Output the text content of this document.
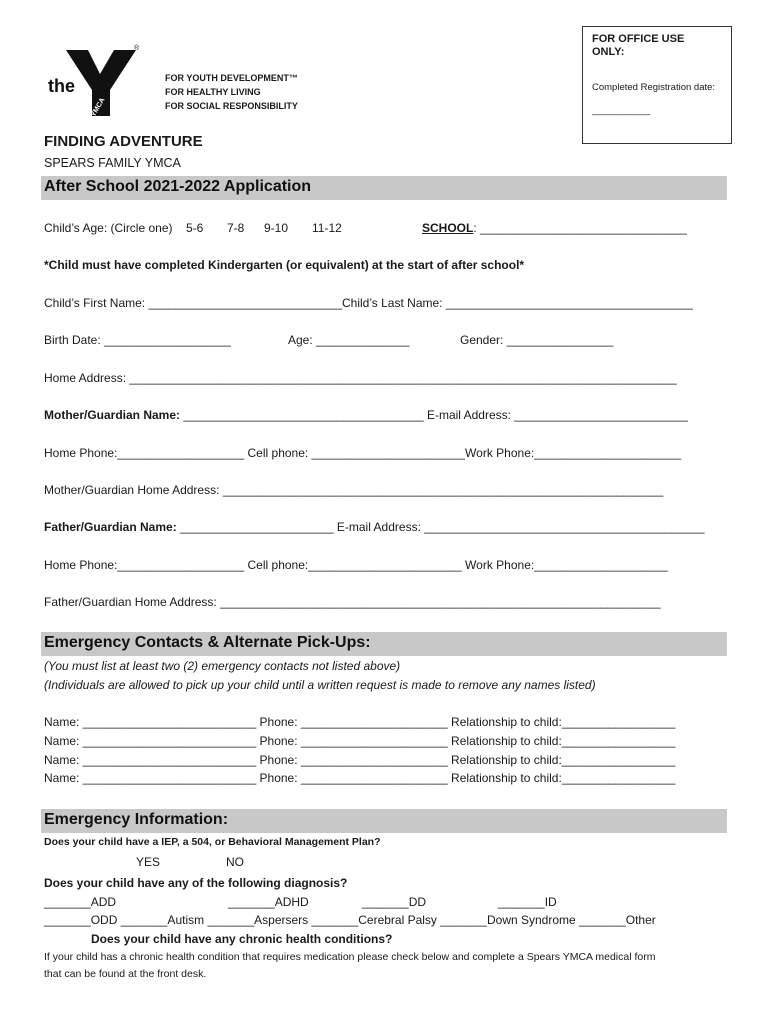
the
YMCA
®
FOR YOUTH DEVELOPMENT™
FOR HEALTHY LIVING
FOR SOCIAL RESPONSIBILITY
FOR OFFICE USE ONLY:
Completed Registration date:
___________
FINDING ADVENTURE
SPEARS FAMILY YMCA
After School 2021-2022 Application
Child’s Age: (Circle one) 5-6 7-8 9-10 11-12	SCHOOL: _______________________________
*Child must have completed Kindergarten (or equivalent) at the start of after school*
Child’s First Name: _____________________________Child’s Last Name: _____________________________________
Birth Date: ___________________	Age: ______________	Gender: ________________
Home Address: __________________________________________________________________________________
Mother/Guardian Name: ____________________________________ E-mail Address: __________________________
Home Phone:___________________ Cell phone: _______________________Work Phone:______________________
Mother/Guardian Home Address: __________________________________________________________________
Father/Guardian Name: _______________________ E-mail Address: __________________________________________
Home Phone:___________________ Cell phone:_______________________ Work Phone:____________________
Father/Guardian Home Address: __________________________________________________________________
Emergency Contacts & Alternate Pick-Ups:
(You must list at least two (2) emergency contacts not listed above)
(Individuals are allowed to pick up your child until a written request is made to remove any names listed)
Name: __________________________ Phone: ______________________ Relationship to child:_________________
Name: __________________________ Phone: ______________________ Relationship to child:_________________
Name: __________________________ Phone: ______________________ Relationship to child:_________________
Name: __________________________ Phone: ______________________ Relationship to child:_________________
Emergency Information:
Does your child have a IEP, a 504, or Behavioral Management Plan?
YES	NO
Does your child have any of the following diagnosis?
_______ADD	_______ADHD	_______DD	_______ID
_______ODD _______Autism _______Aspersers _______Cerebral Palsy _______Down Syndrome _______Other
Does your child have any chronic health conditions?
If your child has a chronic health condition that requires medication please check below and complete a Spears YMCA medical form
that can be found at the front desk.
